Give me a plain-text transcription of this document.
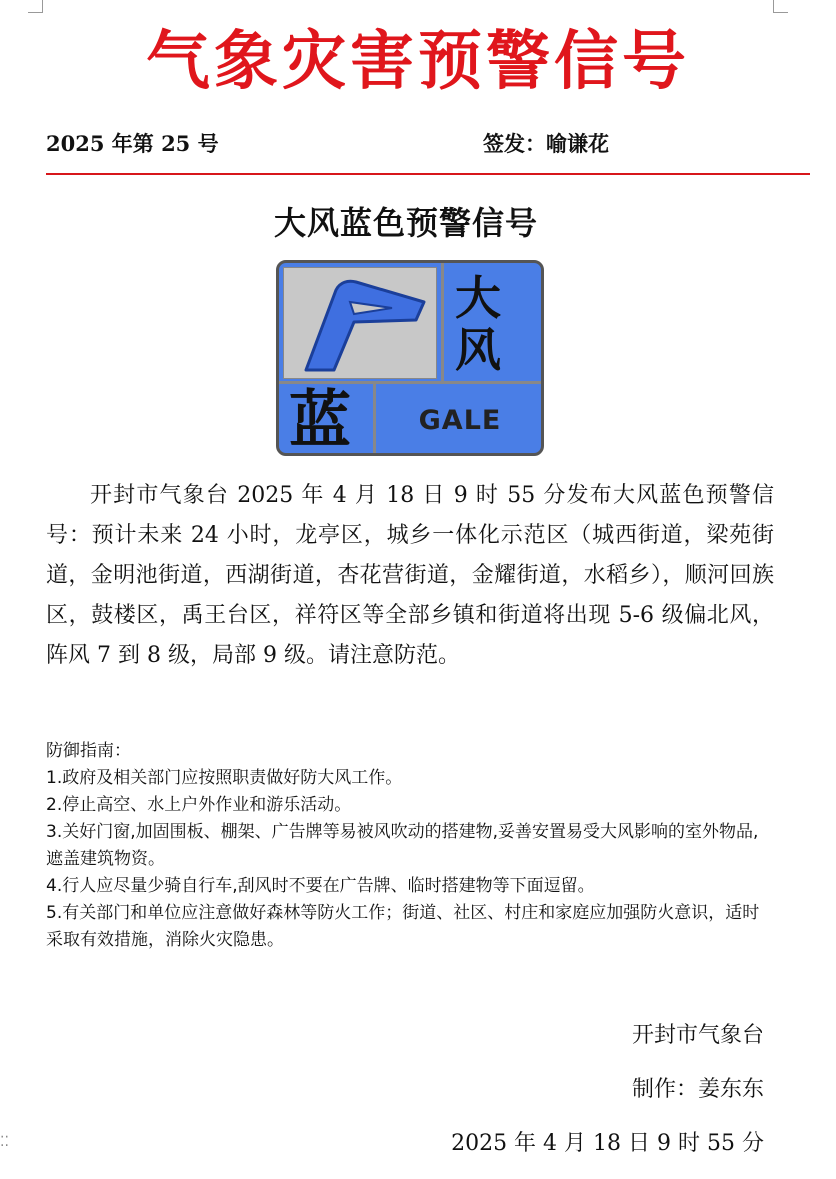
气象灾害预警信号
2025 年第 25 号	签发：喻谦花
大风蓝色预警信号
大
风
蓝	GALE
开封市气象台 2025 年 4 月 18 日 9 时 55 分发布大风蓝色预警信号：预计未来 24 小时，龙亭区，城乡一体化示范区（城西街道，梁苑街道，金明池街道，西湖街道，杏花营街道，金耀街道，水稻乡），顺河回族区，鼓楼区，禹王台区，祥符区等全部乡镇和街道将出现 5-6 级偏北风，阵风 7 到 8 级，局部 9 级。请注意防范。

防御指南：

1.政府及相关部门应按照职责做好防大风工作。

2.停止高空、水上户外作业和游乐活动。

3.关好门窗,加固围板、棚架、广告牌等易被风吹动的搭建物,妥善安置易受大风影响的室外物品,遮盖建筑物资。

4.行人应尽量少骑自行车,刮风时不要在广告牌、临时搭建物等下面逗留。

5.有关部门和单位应注意做好森林等防火工作；街道、社区、村庄和家庭应加强防火意识，适时采取有效措施，消除火灾隐患。

开封市气象台
制作：姜东东
2025 年 4 月 18 日 9 时 55 分
⁚⁚
